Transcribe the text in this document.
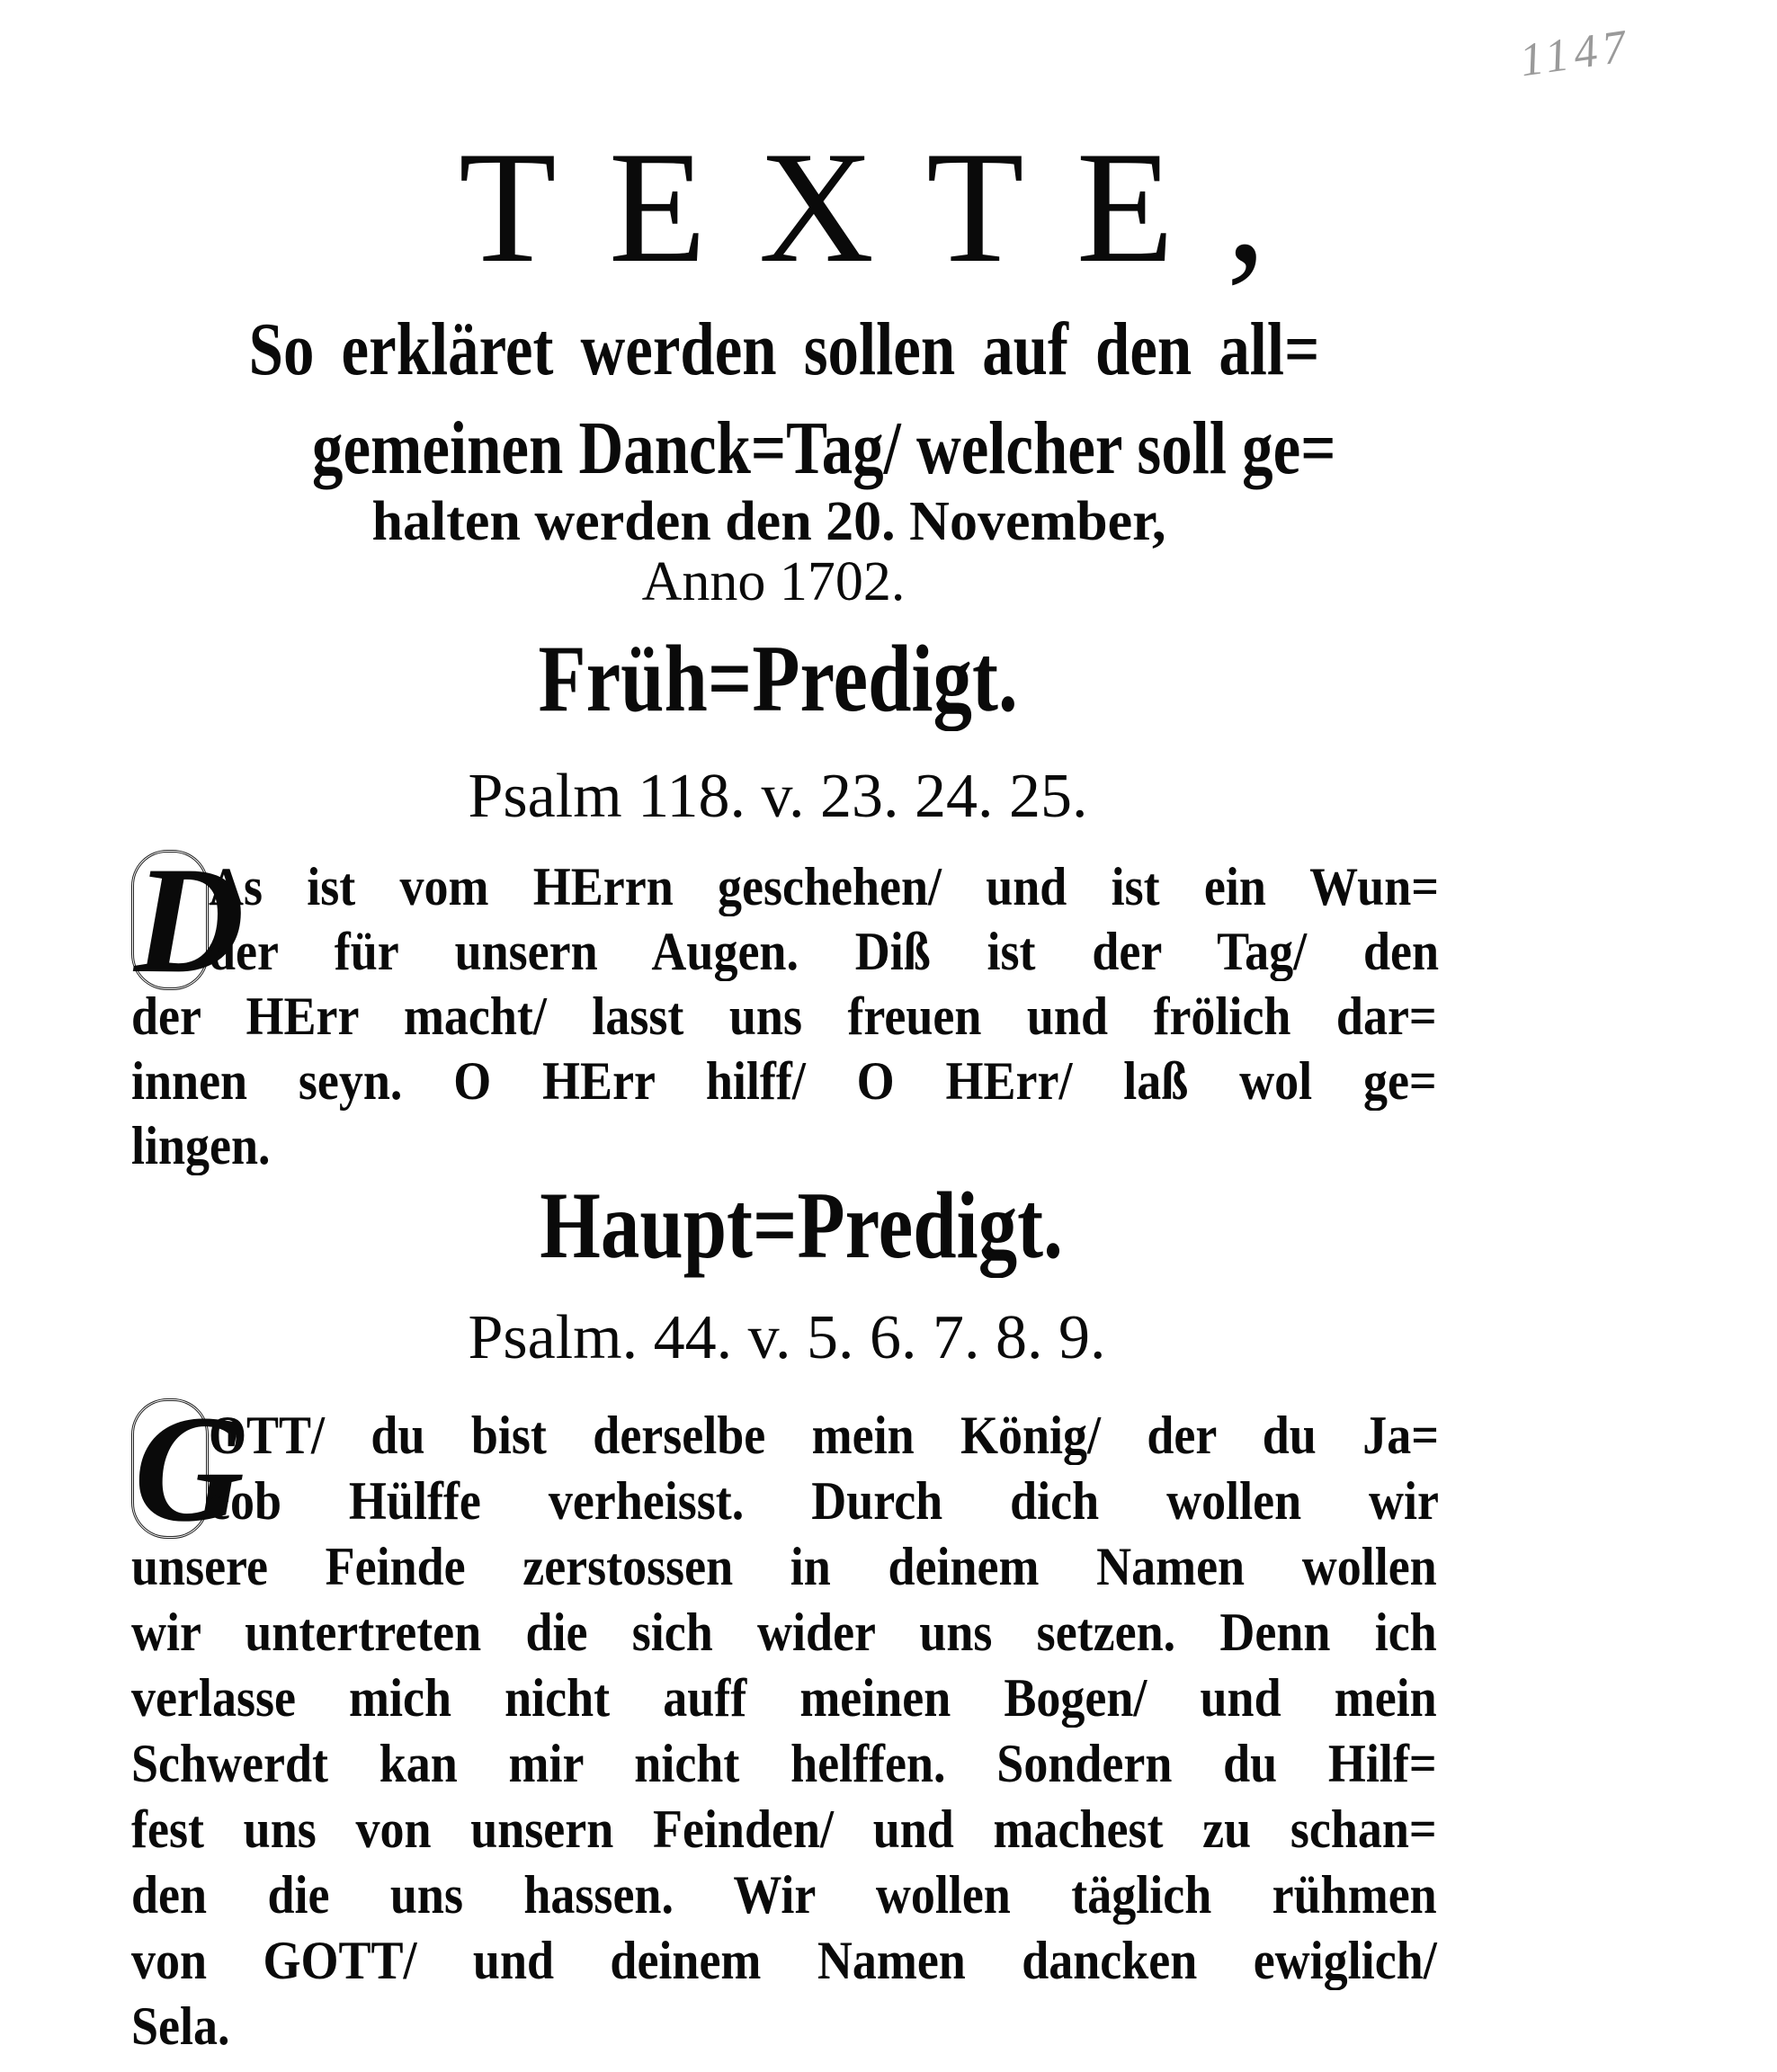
1147
TEXTE,
So erkläret werden sollen auf den all=
gemeinen Danck=Tag/ welcher soll ge=
halten werden den 20. November,
Anno 1702.
Früh=Predigt.
Psalm 118. v. 23. 24. 25.
D
As ist vom HErrn geschehen/ und ist ein Wun=
der für unsern Augen. Diß ist der Tag/ den
der HErr macht/ lasst uns freuen und frölich dar=
innen seyn. O HErr hilff/ O HErr/ laß wol ge=
lingen.
Haupt=Predigt.
Psalm. 44. v. 5. 6. 7. 8. 9.
G
OTT/ du bist derselbe mein König/ der du Ja=
cob Hülffe verheisst. Durch dich wollen wir
unsere Feinde zerstossen in deinem Namen wollen
wir untertreten die sich wider uns setzen. Denn ich
verlasse mich nicht auff meinen Bogen/ und mein
Schwerdt kan mir nicht helffen. Sondern du Hilf=
fest uns von unsern Feinden/ und machest zu schan=
den die uns hassen. Wir wollen täglich rühmen
von GOTT/ und deinem Namen dancken ewiglich/
Sela.
